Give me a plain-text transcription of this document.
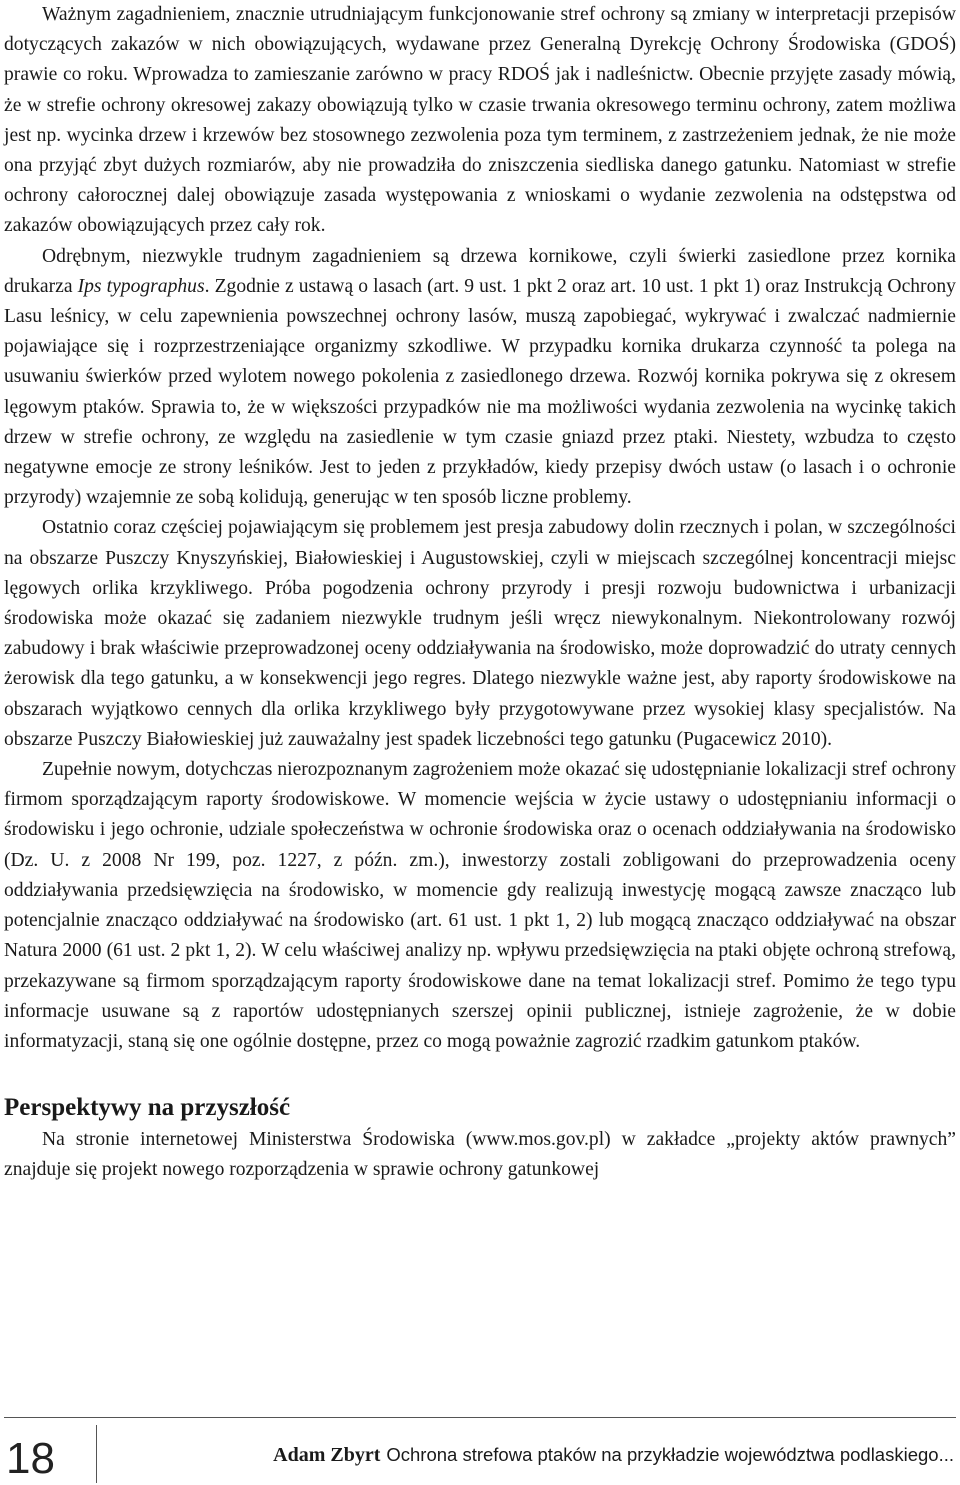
Ważnym zagadnieniem, znacznie utrudniającym funkcjonowanie stref ochrony są zmiany w interpretacji przepisów dotyczących zakazów w nich obowiązujących, wydawane przez Generalną Dyrekcję Ochrony Środowiska (GDOŚ) prawie co roku. Wprowadza to zamieszanie zarówno w pracy RDOŚ jak i nadleśnictw. Obecnie przyjęte zasady mówią, że w strefie ochrony okresowej zakazy obowiązują tylko w czasie trwania okresowego terminu ochrony, zatem możliwa jest np. wycinka drzew i krzewów bez stosownego zezwolenia poza tym terminem, z zastrzeżeniem jednak, że nie może ona przyjąć zbyt dużych rozmiarów, aby nie prowadziła do zniszczenia siedliska danego gatunku. Natomiast w strefie ochrony całorocznej dalej obowiązuje zasada występowania z wnioskami o wydanie zezwolenia na odstępstwa od zakazów obowiązujących przez cały rok.

Odrębnym, niezwykle trudnym zagadnieniem są drzewa kornikowe, czyli świerki zasiedlone przez kornika drukarza Ips typographus. Zgodnie z ustawą o lasach (art. 9 ust. 1 pkt 2 oraz art. 10 ust. 1 pkt 1) oraz Instrukcją Ochrony Lasu leśnicy, w celu zapewnienia powszechnej ochrony lasów, muszą zapobiegać, wykrywać i zwalczać nadmiernie pojawiające się i rozprzestrzeniające organizmy szkodliwe. W przypadku kornika drukarza czynność ta polega na usuwaniu świerków przed wylotem nowego pokolenia z zasiedlonego drzewa. Rozwój kornika pokrywa się z okresem lęgowym ptaków. Sprawia to, że w większości przypadków nie ma możliwości wydania zezwolenia na wycinkę takich drzew w strefie ochrony, ze względu na zasiedlenie w tym czasie gniazd przez ptaki. Niestety, wzbudza to często negatywne emocje ze strony leśników. Jest to jeden z przykładów, kiedy przepisy dwóch ustaw (o lasach i o ochronie przyrody) wzajemnie ze sobą kolidują, generując w ten sposób liczne problemy.

Ostatnio coraz częściej pojawiającym się problemem jest presja zabudowy dolin rzecznych i polan, w szczególności na obszarze Puszczy Knyszyńskiej, Białowieskiej i Augustowskiej, czyli w miejscach szczególnej koncentracji miejsc lęgowych orlika krzykliwego. Próba pogodzenia ochrony przyrody i presji rozwoju budownictwa i urbanizacji środowiska może okazać się zadaniem niezwykle trudnym jeśli wręcz niewykonalnym. Niekontrolowany rozwój zabudowy i brak właściwie przeprowadzonej oceny oddziaływania na środowisko, może doprowadzić do utraty cennych żerowisk dla tego gatunku, a w konsekwencji jego regres. Dlatego niezwykle ważne jest, aby raporty środowiskowe na obszarach wyjątkowo cennych dla orlika krzykliwego były przygotowywane przez wysokiej klasy specjalistów. Na obszarze Puszczy Białowieskiej już zauważalny jest spadek liczebności tego gatunku (Pugacewicz 2010).

Zupełnie nowym, dotychczas nierozpoznanym zagrożeniem może okazać się udostępnianie lokalizacji stref ochrony firmom sporządzającym raporty środowiskowe. W momencie wejścia w życie ustawy o udostępnianiu informacji o środowisku i jego ochronie, udziale społeczeństwa w ochronie środowiska oraz o ocenach oddziaływania na środowisko (Dz. U. z 2008 Nr 199, poz. 1227, z późn. zm.), inwestorzy zostali zobligowani do przeprowadzenia oceny oddziaływania przedsięwzięcia na środowisko, w momencie gdy realizują inwestycję mogącą zawsze znacząco lub potencjalnie znacząco oddziaływać na środowisko (art. 61 ust. 1 pkt 1, 2) lub mogącą znacząco oddziaływać na obszar Natura 2000 (61 ust. 2 pkt 1, 2). W celu właściwej analizy np. wpływu przedsięwzięcia na ptaki objęte ochroną strefową, przekazywane są firmom sporządzającym raporty środowiskowe dane na temat lokalizacji stref. Pomimo że tego typu informacje usuwane są z raportów udostępnianych szerszej opinii publicznej, istnieje zagrożenie, że w dobie informatyzacji, staną się one ogólnie dostępne, przez co mogą poważnie zagrozić rzadkim gatunkom ptaków.

Perspektywy na przyszłość

Na stronie internetowej Ministerstwa Środowiska (www.mos.gov.pl) w zakładce „projekty aktów prawnych” znajduje się projekt nowego rozporządzenia w sprawie ochrony gatunkowej

18	Adam Zbyrt Ochrona strefowa ptaków na przykładzie województwa podlaskiego...
